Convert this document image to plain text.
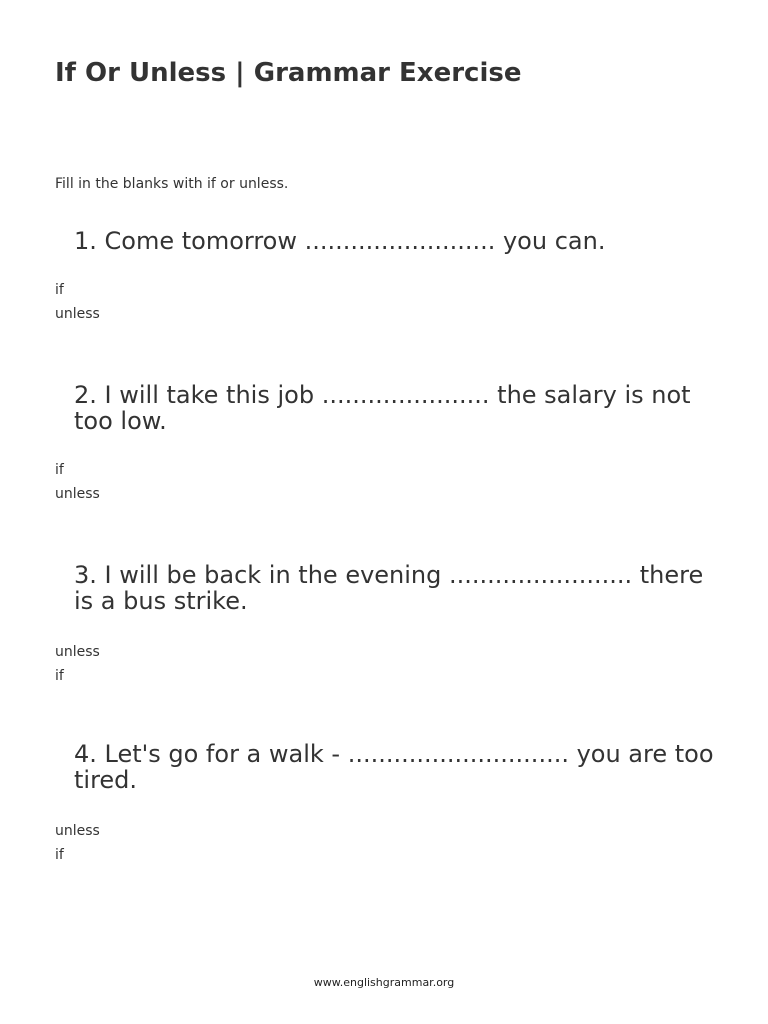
If Or Unless | Grammar Exercise

Fill in the blanks with if or unless.

1. Come tomorrow ......................... you can.

if
unless

2. I will take this job ...................... the salary is not too low.

if
unless

3. I will be back in the evening ........................ there is a bus strike.

unless
if

4. Let's go for a walk - ............................. you are too tired.

unless
if
www.englishgrammar.org
